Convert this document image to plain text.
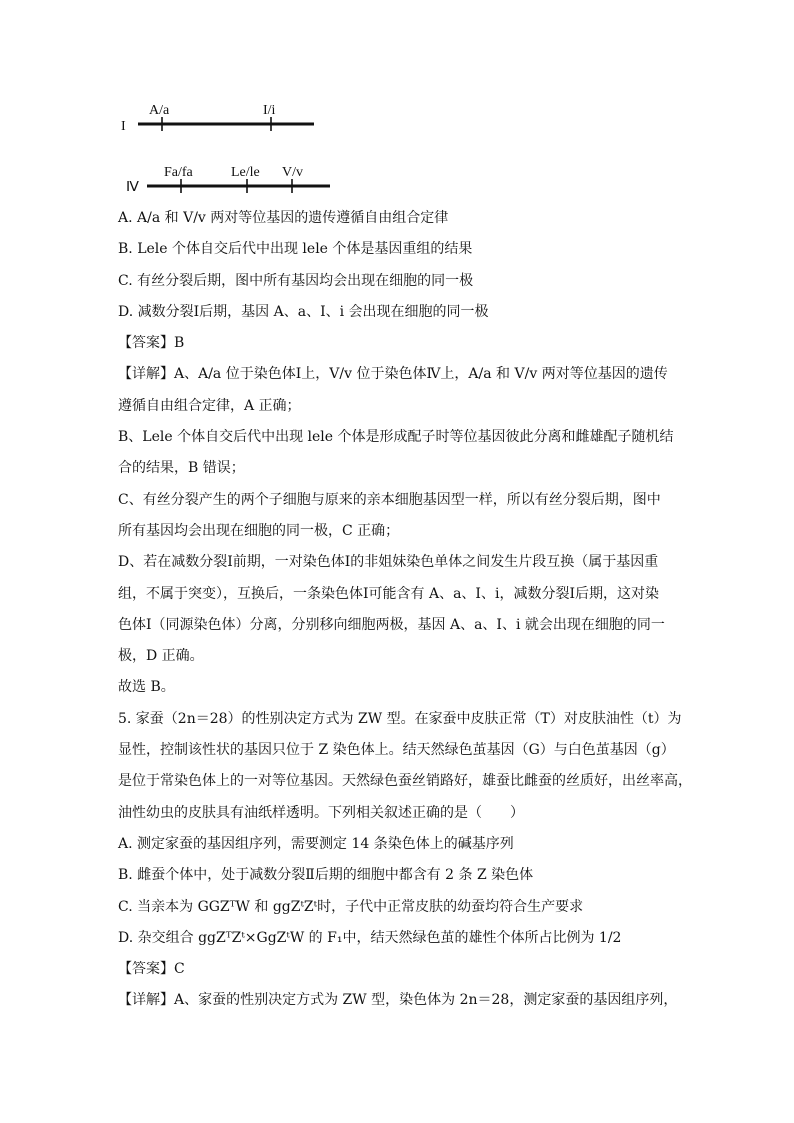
I
A/a	I/i
Ⅳ
Fa/fa	Le/le V/v
A. A/a 和 V/v 两对等位基因的遗传遵循自由组合定律
B. Lele 个体自交后代中出现 lele 个体是基因重组的结果
C. 有丝分裂后期，图中所有基因均会出现在细胞的同一极
D. 减数分裂Ⅰ后期，基因 A、a、I、i 会出现在细胞的同一极
【答案】B
【详解】A、A/a 位于染色体Ⅰ上，V/v 位于染色体Ⅳ上，A/a 和 V/v 两对等位基因的遗传
遵循自由组合定律，A 正确；
B、Lele 个体自交后代中出现 lele 个体是形成配子时等位基因彼此分离和雌雄配子随机结
合的结果，B 错误；
C、有丝分裂产生的两个子细胞与原来的亲本细胞基因型一样，所以有丝分裂后期，图中
所有基因均会出现在细胞的同一极，C 正确；
D、若在减数分裂Ⅰ前期，一对染色体Ⅰ的非姐妹染色单体之间发生片段互换（属于基因重
组，不属于突变），互换后，一条染色体Ⅰ可能含有 A、a、I、i，减数分裂Ⅰ后期，这对染
色体Ⅰ（同源染色体）分离，分别移向细胞两极，基因 A、a、I、i 就会出现在细胞的同一
极，D 正确。
故选 B。
5. 家蚕（2n＝28）的性别决定方式为 ZW 型。在家蚕中皮肤正常（T）对皮肤油性（t）为
显性，控制该性状的基因只位于 Z 染色体上。结天然绿色茧基因（G）与白色茧基因（g）
是位于常染色体上的一对等位基因。天然绿色蚕丝销路好，雄蚕比雌蚕的丝质好，出丝率高，
油性幼虫的皮肤具有油纸样透明。下列相关叙述正确的是（　　）
A. 测定家蚕的基因组序列，需要测定 14 条染色体上的碱基序列
B. 雌蚕个体中，处于减数分裂Ⅱ后期的细胞中都含有 2 条 Z 染色体
C. 当亲本为 GGZᵀW 和 ggZᵗZᵗ时，子代中正常皮肤的幼蚕均符合生产要求
D. 杂交组合 ggZᵀZᵗ×GgZᵗW 的 F₁中，结天然绿色茧的雄性个体所占比例为 1/2
【答案】C
【详解】A、家蚕的性别决定方式为 ZW 型，染色体为 2n＝28，测定家蚕的基因组序列，
